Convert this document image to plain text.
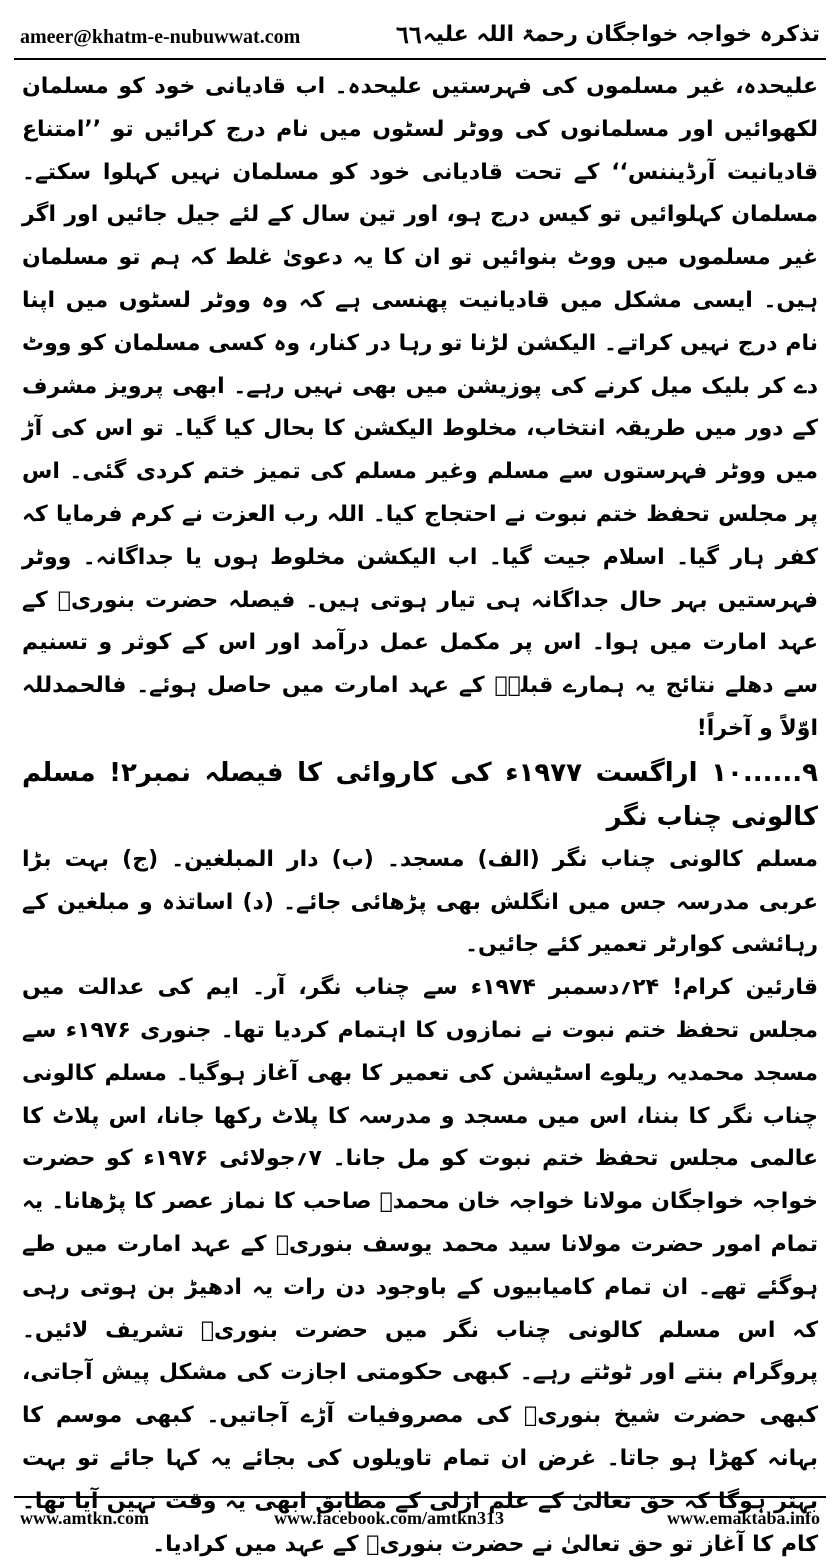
ameer@khatm-e-nubuwwat.com	٦٦ تذکرہ خواجہ خواجگان رحمۃ اللہ علیہ

علیحدہ، غیر مسلموں کی فہرستیں علیحدہ۔ اب قادیانی خود کو مسلمان لکھوائیں اور مسلمانوں کی ووٹر لسٹوں میں نام درج کرائیں تو ’’امتناع قادیانیت آرڈیننس‘‘ کے تحت قادیانی خود کو مسلمان نہیں کہلوا سکتے۔ مسلمان کہلوائیں تو کیس درج ہو، اور تین سال کے لئے جیل جائیں اور اگر غیر مسلموں میں ووٹ بنوائیں تو ان کا یہ دعویٰ غلط کہ ہم تو مسلمان ہیں۔ ایسی مشکل میں قادیانیت پھنسی ہے کہ وہ ووٹر لسٹوں میں اپنا نام درج نہیں کراتے۔ الیکشن لڑنا تو رہا در کنار، وہ کسی مسلمان کو ووٹ دے کر بلیک میل کرنے کی پوزیشن میں بھی نہیں رہے۔ ابھی پرویز مشرف کے دور میں طریقہ انتخاب، مخلوط الیکشن کا بحال کیا گیا۔ تو اس کی آڑ میں ووٹر فہرستوں سے مسلم وغیر مسلم کی تمیز ختم کردی گئی۔ اس پر مجلس تحفظ ختم نبوت نے احتجاج کیا۔ اللہ رب العزت نے کرم فرمایا کہ کفر ہار گیا۔ اسلام جیت گیا۔ اب الیکشن مخلوط ہوں یا جداگانہ۔ ووٹر فہرستیں بہر حال جداگانہ ہی تیار ہوتی ہیں۔ فیصلہ حضرت بنوریؒ کے عہد امارت میں ہوا۔ اس پر مکمل عمل درآمد اور اس کے کوثر و تسنیم سے دھلے نتائج یہ ہمارے قبلہؒ کے عہد امارت میں حاصل ہوئے۔ فالحمدللہ اوّلاً و آخراً!

۹......۱۰ اراگست ۱۹۷۷ء کی کاروائی کا فیصلہ نمبر۲! مسلم کالونی چناب نگر

مسلم کالونی چناب نگر (الف) مسجد۔ (ب) دار المبلغین۔ (ج) بہت بڑا عربی مدرسہ جس میں انگلش بھی پڑھائی جائے۔ (د) اساتذہ و مبلغین کے رہائشی کوارٹر تعمیر کئے جائیں۔

قارئین کرام! ۲۴؍دسمبر ۱۹۷۴ء سے چناب نگر، آر۔ ایم کی عدالت میں مجلس تحفظ ختم نبوت نے نمازوں کا اہتمام کردیا تھا۔ جنوری ۱۹۷۶ء سے مسجد محمدیہ ریلوے اسٹیشن کی تعمیر کا بھی آغاز ہوگیا۔ مسلم کالونی چناب نگر کا بننا، اس میں مسجد و مدرسہ کا پلاٹ رکھا جانا، اس پلاٹ کا عالمی مجلس تحفظ ختم نبوت کو مل جانا۔ ۷؍جولائی ۱۹۷۶ء کو حضرت خواجہ خواجگان مولانا خواجہ خان محمدؒ صاحب کا نماز عصر کا پڑھانا۔ یہ تمام امور حضرت مولانا سید محمد یوسف بنوریؒ کے عہد امارت میں طے ہوگئے تھے۔ ان تمام کامیابیوں کے باوجود دن رات یہ ادھیڑ بن ہوتی رہی کہ اس مسلم کالونی چناب نگر میں حضرت بنوریؒ تشریف لائیں۔ پروگرام بنتے اور ٹوٹتے رہے۔ کبھی حکومتی اجازت کی مشکل پیش آجاتی، کبھی حضرت شیخ بنوریؒ کی مصروفیات آڑے آجاتیں۔ کبھی موسم کا بہانہ کھڑا ہو جاتا۔ غرض ان تمام تاویلوں کی بجائے یہ کہا جائے تو بہت بہتر ہوگا کہ حق تعالیٰ کے علم ازلی کے مطابق ابھی یہ وقت نہیں آیا تھا۔ کام کا آغاز تو حق تعالیٰ نے حضرت بنوریؒ کے عہد میں کرادیا۔

www.amtkn.com	www.facebook.com/amtkn313	www.emaktaba.info
